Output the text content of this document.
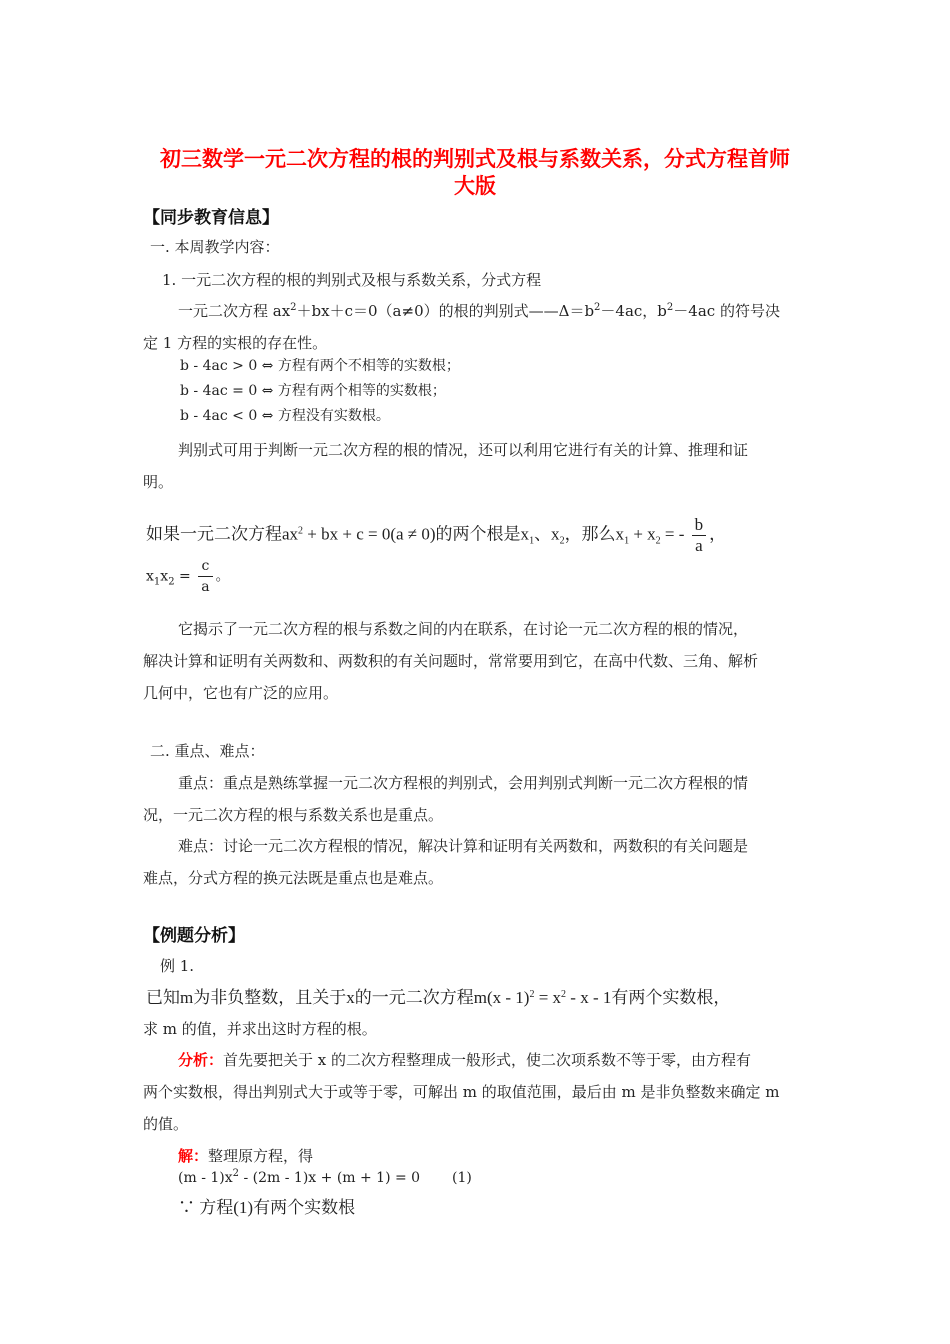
初三数学一元二次方程的根的判别式及根与系数关系，分式方程首师
大版
【同步教育信息】
一. 本周教学内容：
1. 一元二次方程的根的判别式及根与系数关系，分式方程
一元二次方程 $ax^2+bx+c=0(a\ne 0)$的根的判别式$——\Delta=b^2-4ac$，$b^2-4ac$ 的符号决
定 1 方程的实根的存在性。
b - 4ac > 0 ⇔ 方程有两个不相等的实数根；
b - 4ac = 0 ⇔ 方程有两个相等的实数根；
b - 4ac < 0 ⇔ 方程没有实数根。
判别式可用于判断一元二次方程的根的情况，还可以利用它进行有关的计算、推理和证
明。
如果一元二次方程$ax^2$ + bx + c = 0(a ≠ 0)的两个根是$x_1$、$x_2$，那么$x_1 + x_2$ = - $\frac{b}{a}$ ，
$x_1x_2 = \frac{c}{a}$ 。
它揭示了一元二次方程的根与系数之间的内在联系，在讨论一元二次方程的根的情况，
解决计算和证明有关两数和、两数积的有关问题时，常常要用到它，在高中代数、三角、解析
几何中，它也有广泛的应用。
二. 重点、难点：
重点：重点是熟练掌握一元二次方程根的判别式，会用判别式判断一元二次方程根的情
况，一元二次方程的根与系数关系也是重点。
难点：讨论一元二次方程根的情况，解决计算和证明有关两数和，两数积的有关问题是
难点，分式方程的换元法既是重点也是难点。
【例题分析】
例 1.
已知m为非负整数，且关于x的一元二次方程$m(x - 1)^2 = x^2 - x - 1$有两个实数根，
求 m 的值，并求出这时方程的根。
分析：首先要把关于 x 的二次方程整理成一般形式，使二次项系数不等于零，由方程有
两个实数根，得出判别式大于或等于零，可解出 m 的取值范围，最后由 m 是非负整数来确定 m
的值。
解：整理原方程，得
$(m - 1)x^2 - (2m - 1)x + (m + 1) = 0$ (1)
∵ 方程(1)有两个实数根
